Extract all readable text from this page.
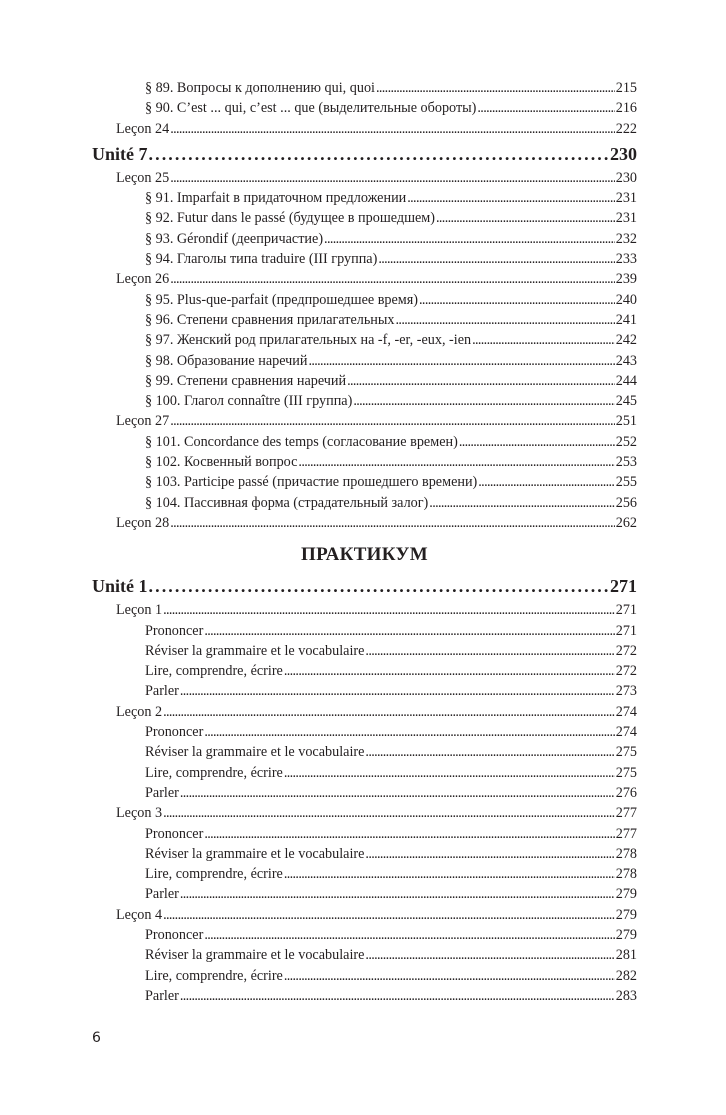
§ 89. Вопросы к дополнению qui, quoi . . .	215
§ 90. C’est ... qui, c’est ... que (выделительные обороты) . . .	216
Leçon 24 . . .	222
Unité 7 . . .	230
Leçon 25 . . .	230
§ 91. Imparfait в придаточном предложении . . .	231
§ 92. Futur dans le passé (будущее в прошедшем) . . .	231
§ 93. Gérondif (деепричастие) . . .	232
§ 94. Глаголы типа traduire (III группа) . . .	233
Leçon 26 . . .	239
§ 95. Plus-que-parfait (предпрошедшее время) . . .	240
§ 96. Степени сравнения прилагательных . . .	241
§ 97. Женский род прилагательных на -f, -er, -eux, -ien . . .	242
§ 98. Образование наречий . . .	243
§ 99. Степени сравнения наречий . . .	244
§ 100. Глагол connaître (III группа) . . .	245
Leçon 27 . . .	251
§ 101. Concordance des temps (согласование времен) . . .	252
§ 102. Косвенный вопрос . . .	253
§ 103. Participe passé (причастие прошедшего времени) . . .	255
§ 104. Пассивная форма (страдательный залог) . . .	256
Leçon 28 . . .	262
ПРАКТИКУМ
Unité 1 . . .	271
Leçon 1 . . .	271
Prononcer . . .	271
Réviser la grammaire et le vocabulaire . . .	272
Lire, comprendre, écrire . . .	272
Parler . . .	273
Leçon 2 . . .	274
Prononcer . . .	274
Réviser la grammaire et le vocabulaire . . .	275
Lire, comprendre, écrire . . .	275
Parler . . .	276
Leçon 3 . . .	277
Prononcer . . .	277
Réviser la grammaire et le vocabulaire . . .	278
Lire, comprendre, écrire . . .	278
Parler . . .	279
Leçon 4 . . .	279
Prononcer . . .	279
Réviser la grammaire et le vocabulaire . . .	281
Lire, comprendre, écrire . . .	282
Parler . . .	283
6
